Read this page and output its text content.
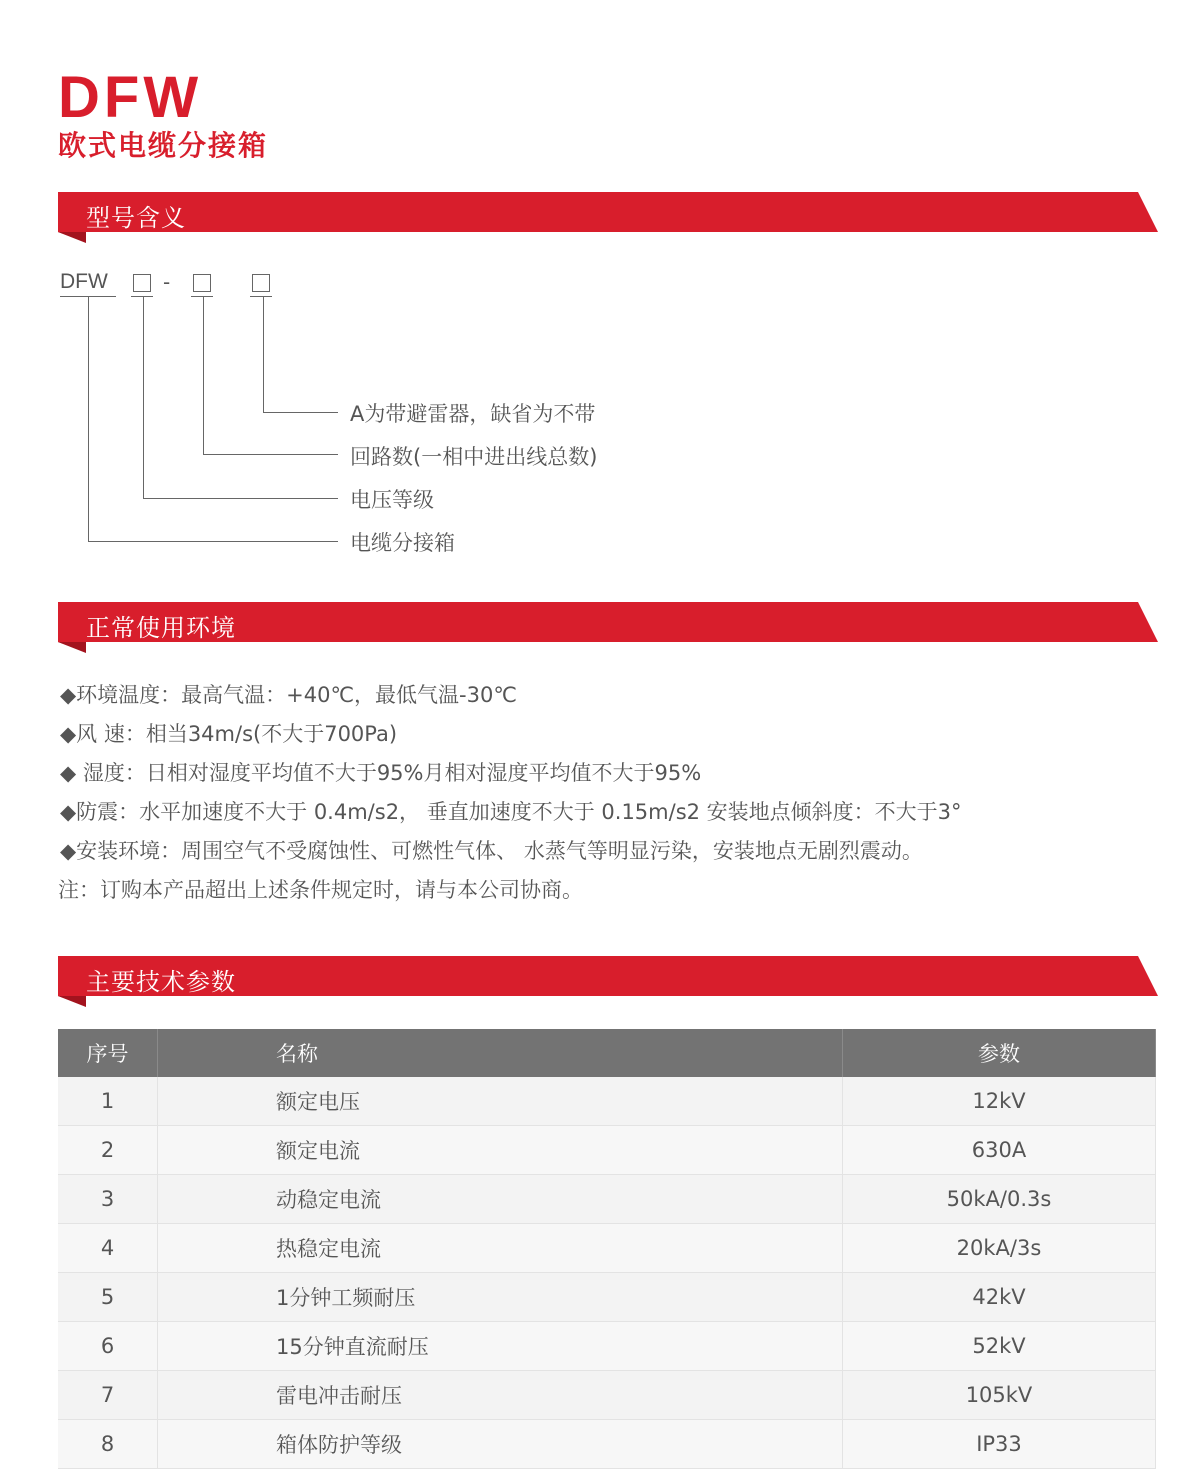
DFW
欧式电缆分接箱
型号含义
DFW	-
A为带避雷器，缺省为不带
回路数(一相中进出线总数)
电压等级
电缆分接箱
正常使用环境
◆环境温度：最高气温：+40℃，最低气温-30℃
◆风 速：相当34m/s(不大于700Pa)
◆ 湿度：日相对湿度平均值不大于95%月相对湿度平均值不大于95%
◆防震：水平加速度不大于 0.4m/s2， 垂直加速度不大于 0.15m/s2 安装地点倾斜度：不大于3°
◆安装环境：周围空气不受腐蚀性、可燃性气体、 水蒸气等明显污染，安装地点无剧烈震动。
注：订购本产品超出上述条件规定时，请与本公司协商。
主要技术参数
序号	名称	参数
1	额定电压	12kV
2	额定电流	630A
3	动稳定电流	50kA/0.3s
4	热稳定电流	20kA/3s
5	1分钟工频耐压	42kV
6	15分钟直流耐压	52kV
7	雷电冲击耐压	105kV
8	箱体防护等级	IP33
